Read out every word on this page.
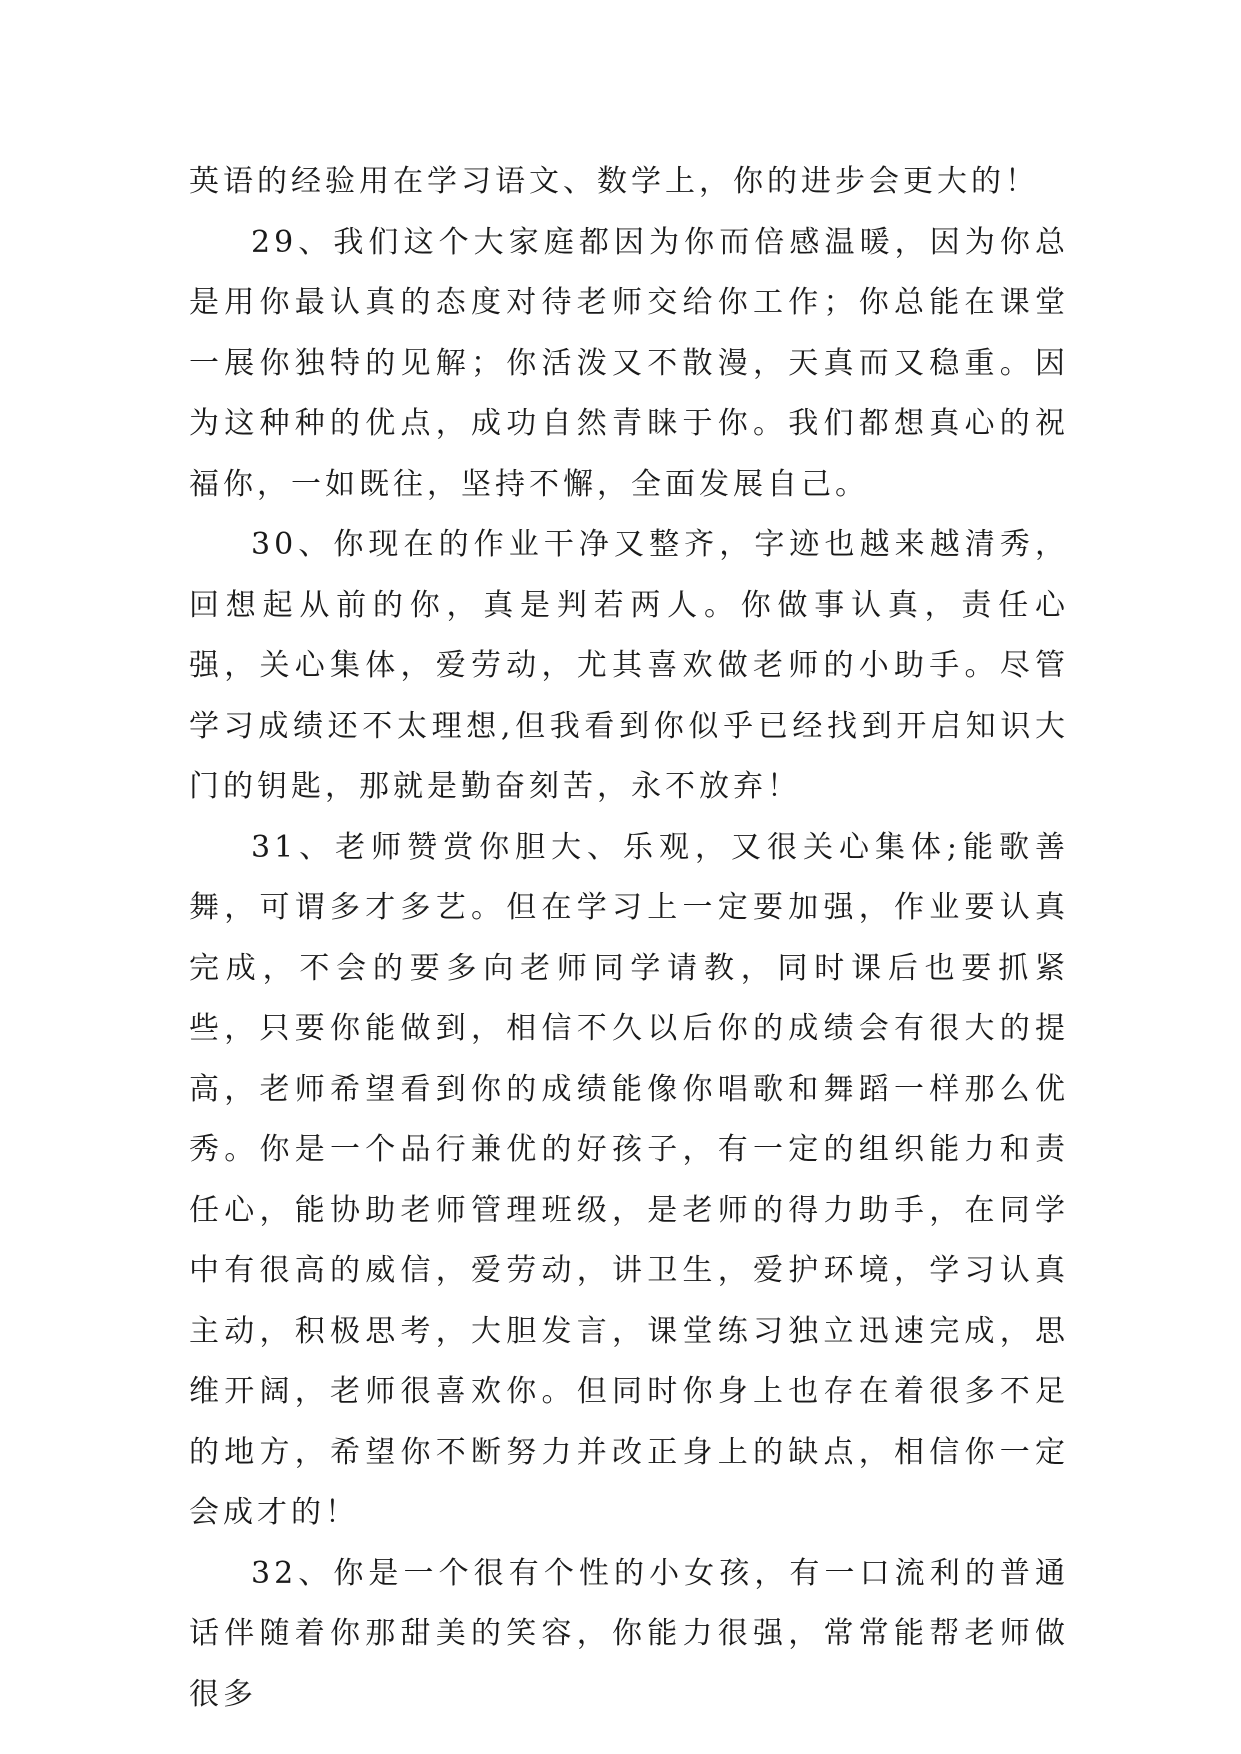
英语的经验用在学习语文、数学上，你的进步会更大的！

29、我们这个大家庭都因为你而倍感温暖，因为你总是用你最认真的态度对待老师交给你工作；你总能在课堂一展你独特的见解；你活泼又不散漫，天真而又稳重。因为这种种的优点，成功自然青睐于你。我们都想真心的祝福你，一如既往，坚持不懈，全面发展自己。

30、你现在的作业干净又整齐，字迹也越来越清秀，回想起从前的你，真是判若两人。你做事认真，责任心强，关心集体，爱劳动，尤其喜欢做老师的小助手。尽管学习成绩还不太理想,但我看到你似乎已经找到开启知识大门的钥匙，那就是勤奋刻苦，永不放弃！

31、老师赞赏你胆大、乐观，又很关心集体;能歌善舞，可谓多才多艺。但在学习上一定要加强，作业要认真完成，不会的要多向老师同学请教，同时课后也要抓紧些，只要你能做到，相信不久以后你的成绩会有很大的提高，老师希望看到你的成绩能像你唱歌和舞蹈一样那么优秀。你是一个品行兼优的好孩子，有一定的组织能力和责任心，能协助老师管理班级，是老师的得力助手，在同学中有很高的威信，爱劳动，讲卫生，爱护环境，学习认真主动，积极思考，大胆发言，课堂练习独立迅速完成，思维开阔，老师很喜欢你。但同时你身上也存在着很多不足的地方，希望你不断努力并改正身上的缺点，相信你一定会成才的！

32、你是一个很有个性的小女孩，有一口流利的普通话伴随着你那甜美的笑容，你能力很强，常常能帮老师做很多
